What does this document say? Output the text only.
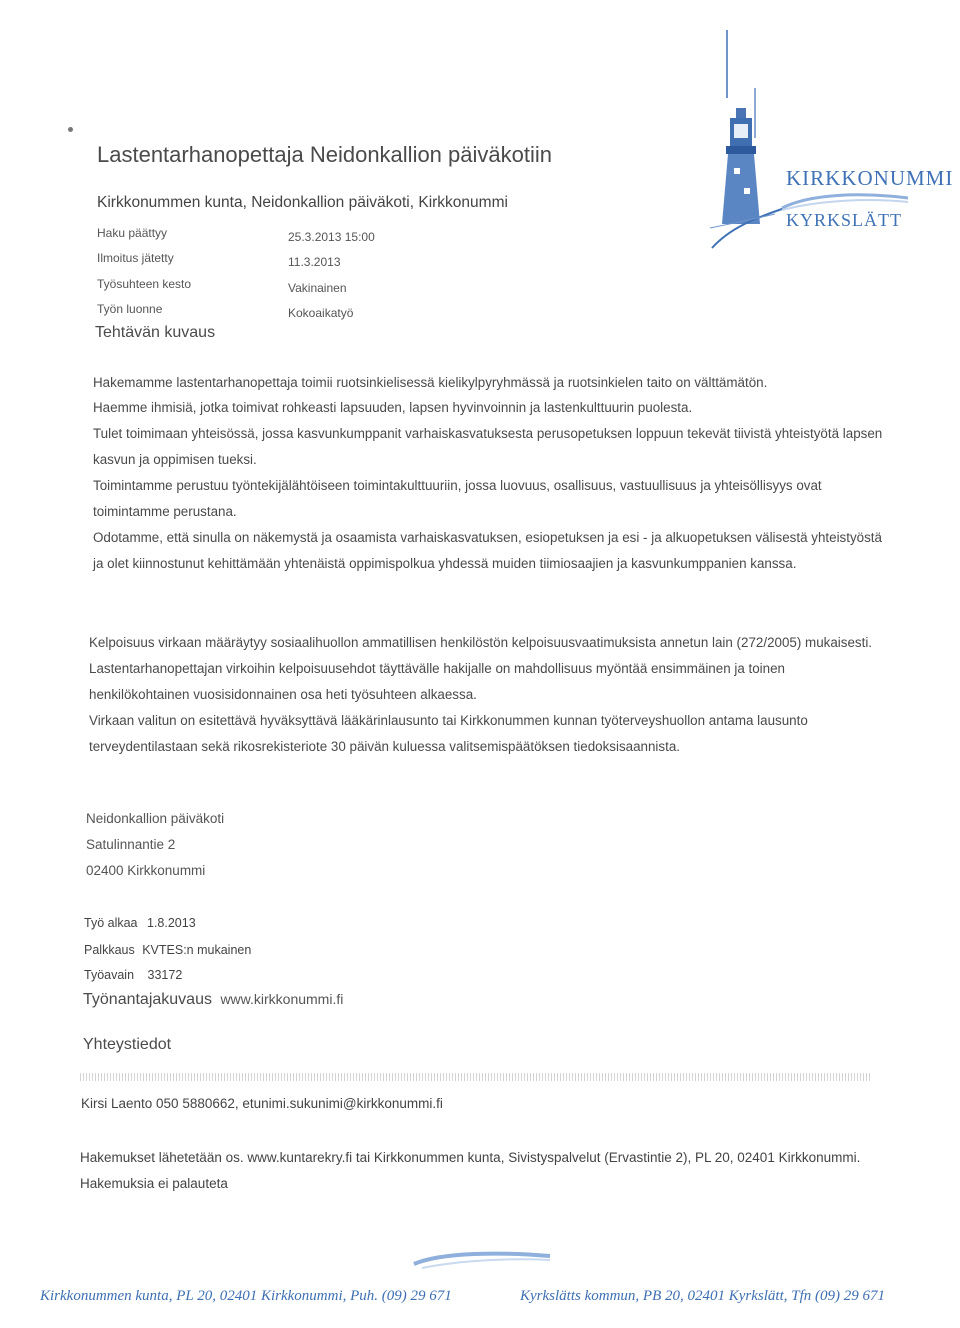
KIRKKONUMMI
KYRKSLÄTT
Lastentarhanopettaja Neidonkallion päiväkotiin
Kirkkonummen kunta, Neidonkallion päiväkoti, Kirkkonummi
Haku päättyy	25.3.2013 15:00
Ilmoitus jätetty	11.3.2013
Työsuhteen kesto	Vakinainen
Työn luonne	Kokoaikatyö
Tehtävän kuvaus

Hakemamme lastentarhanopettaja toimii ruotsinkielisessä kielikylpyryhmässä ja ruotsinkielen taito on välttämätön.

Haemme ihmisiä, jotka toimivat rohkeasti lapsuuden, lapsen hyvinvoinnin ja lastenkulttuurin puolesta.

Tulet toimimaan yhteisössä, jossa kasvunkumppanit varhaiskasvatuksesta perusopetuksen loppuun tekevät tiivistä yhteistyötä lapsen kasvun ja oppimisen tueksi.

Toimintamme perustuu työntekijälähtöiseen toimintakulttuuriin, jossa luovuus, osallisuus, vastuullisuus ja yhteisöllisyys ovat toimintamme perustana.

Odotamme, että sinulla on näkemystä ja osaamista varhaiskasvatuksen, esiopetuksen ja esi - ja alkuopetuksen välisestä yhteistyöstä ja olet kiinnostunut kehittämään yhtenäistä oppimispolkua yhdessä muiden tiimiosaajien ja kasvunkumppanien kanssa.

Kelpoisuus virkaan määräytyy sosiaalihuollon ammatillisen henkilöstön kelpoisuusvaatimuksista annetun lain (272/2005) mukaisesti.

Lastentarhanopettajan virkoihin kelpoisuusehdot täyttävälle hakijalle on mahdollisuus myöntää ensimmäinen ja toinen henkilökohtainen vuosisidonnainen osa heti työsuhteen alkaessa.

Virkaan valitun on esitettävä hyväksyttävä lääkärinlausunto tai Kirkkonummen kunnan työterveyshuollon antama lausunto terveydentilastaan sekä rikosrekisteriote 30 päivän kuluessa valitsemispäätöksen tiedoksisaannista.

Neidonkallion päiväkoti
Satulinnantie 2
02400 Kirkkonummi
Työ alkaa 1.8.2013
Palkkaus KVTES:n mukainen
Työavain 33172
Työnantajakuvaus www.kirkkonummi.fi
Yhteystiedot
Kirsi Laento 050 5880662, etunimi.sukunimi@kirkkonummi.fi
Hakemukset lähetetään os. www.kuntarekry.fi tai Kirkkonummen kunta, Sivistyspalvelut (Ervastintie 2), PL 20, 02401 Kirkkonummi. Hakemuksia ei palauteta
Kirkkonummen kunta, PL 20, 02401 Kirkkonummi, Puh. (09) 29 671	Kyrkslätts kommun, PB 20, 02401 Kyrkslätt, Tfn (09) 29 671
